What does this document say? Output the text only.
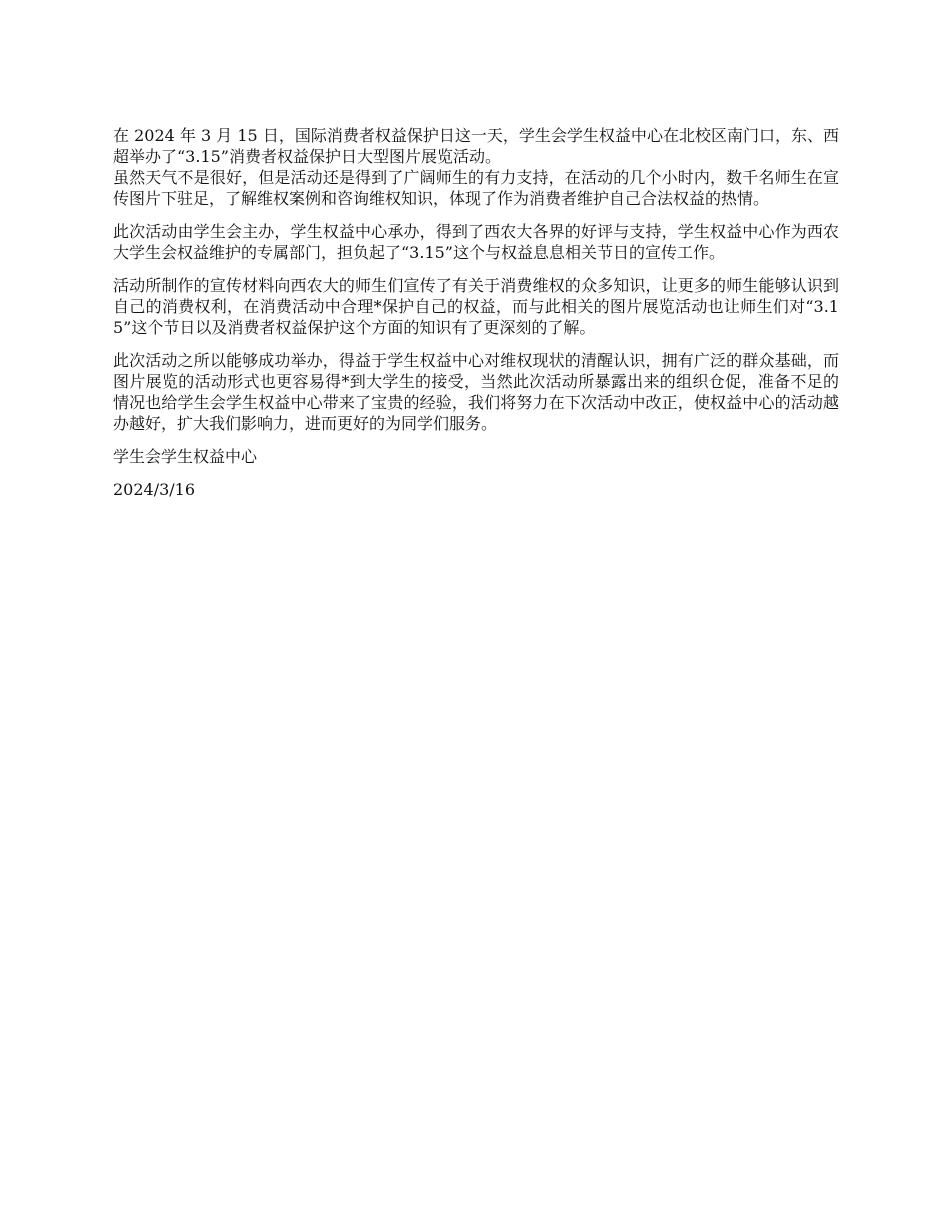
在 2024 年 3 月 15 日，国际消费者权益保护日这一天，学生会学生权益中心在北校区南门口，东、西超举办了“3.15”消费者权益保护日大型图片展览活动。

虽然天气不是很好，但是活动还是得到了广阔师生的有力支持，在活动的几个小时内，数千名师生在宣传图片下驻足，了解维权案例和咨询维权知识，体现了作为消费者维护自己合法权益的热情。

此次活动由学生会主办，学生权益中心承办，得到了西农大各界的好评与支持，学生权益中心作为西农大学生会权益维护的专属部门，担负起了“3.15”这个与权益息息相关节日的宣传工作。

活动所制作的宣传材料向西农大的师生们宣传了有关于消费维权的众多知识，让更多的师生能够认识到自己的消费权利，在消费活动中合理*保护自己的权益，而与此相关的图片展览活动也让师生们对“3.15”这个节日以及消费者权益保护这个方面的知识有了更深刻的了解。

此次活动之所以能够成功举办，得益于学生权益中心对维权现状的清醒认识，拥有广泛的群众基础，而图片展览的活动形式也更容易得*到大学生的接受，当然此次活动所暴露出来的组织仓促，准备不足的情况也给学生会学生权益中心带来了宝贵的经验，我们将努力在下次活动中改正，使权益中心的活动越办越好，扩大我们影响力，进而更好的为同学们服务。

学生会学生权益中心

2024/3/16
